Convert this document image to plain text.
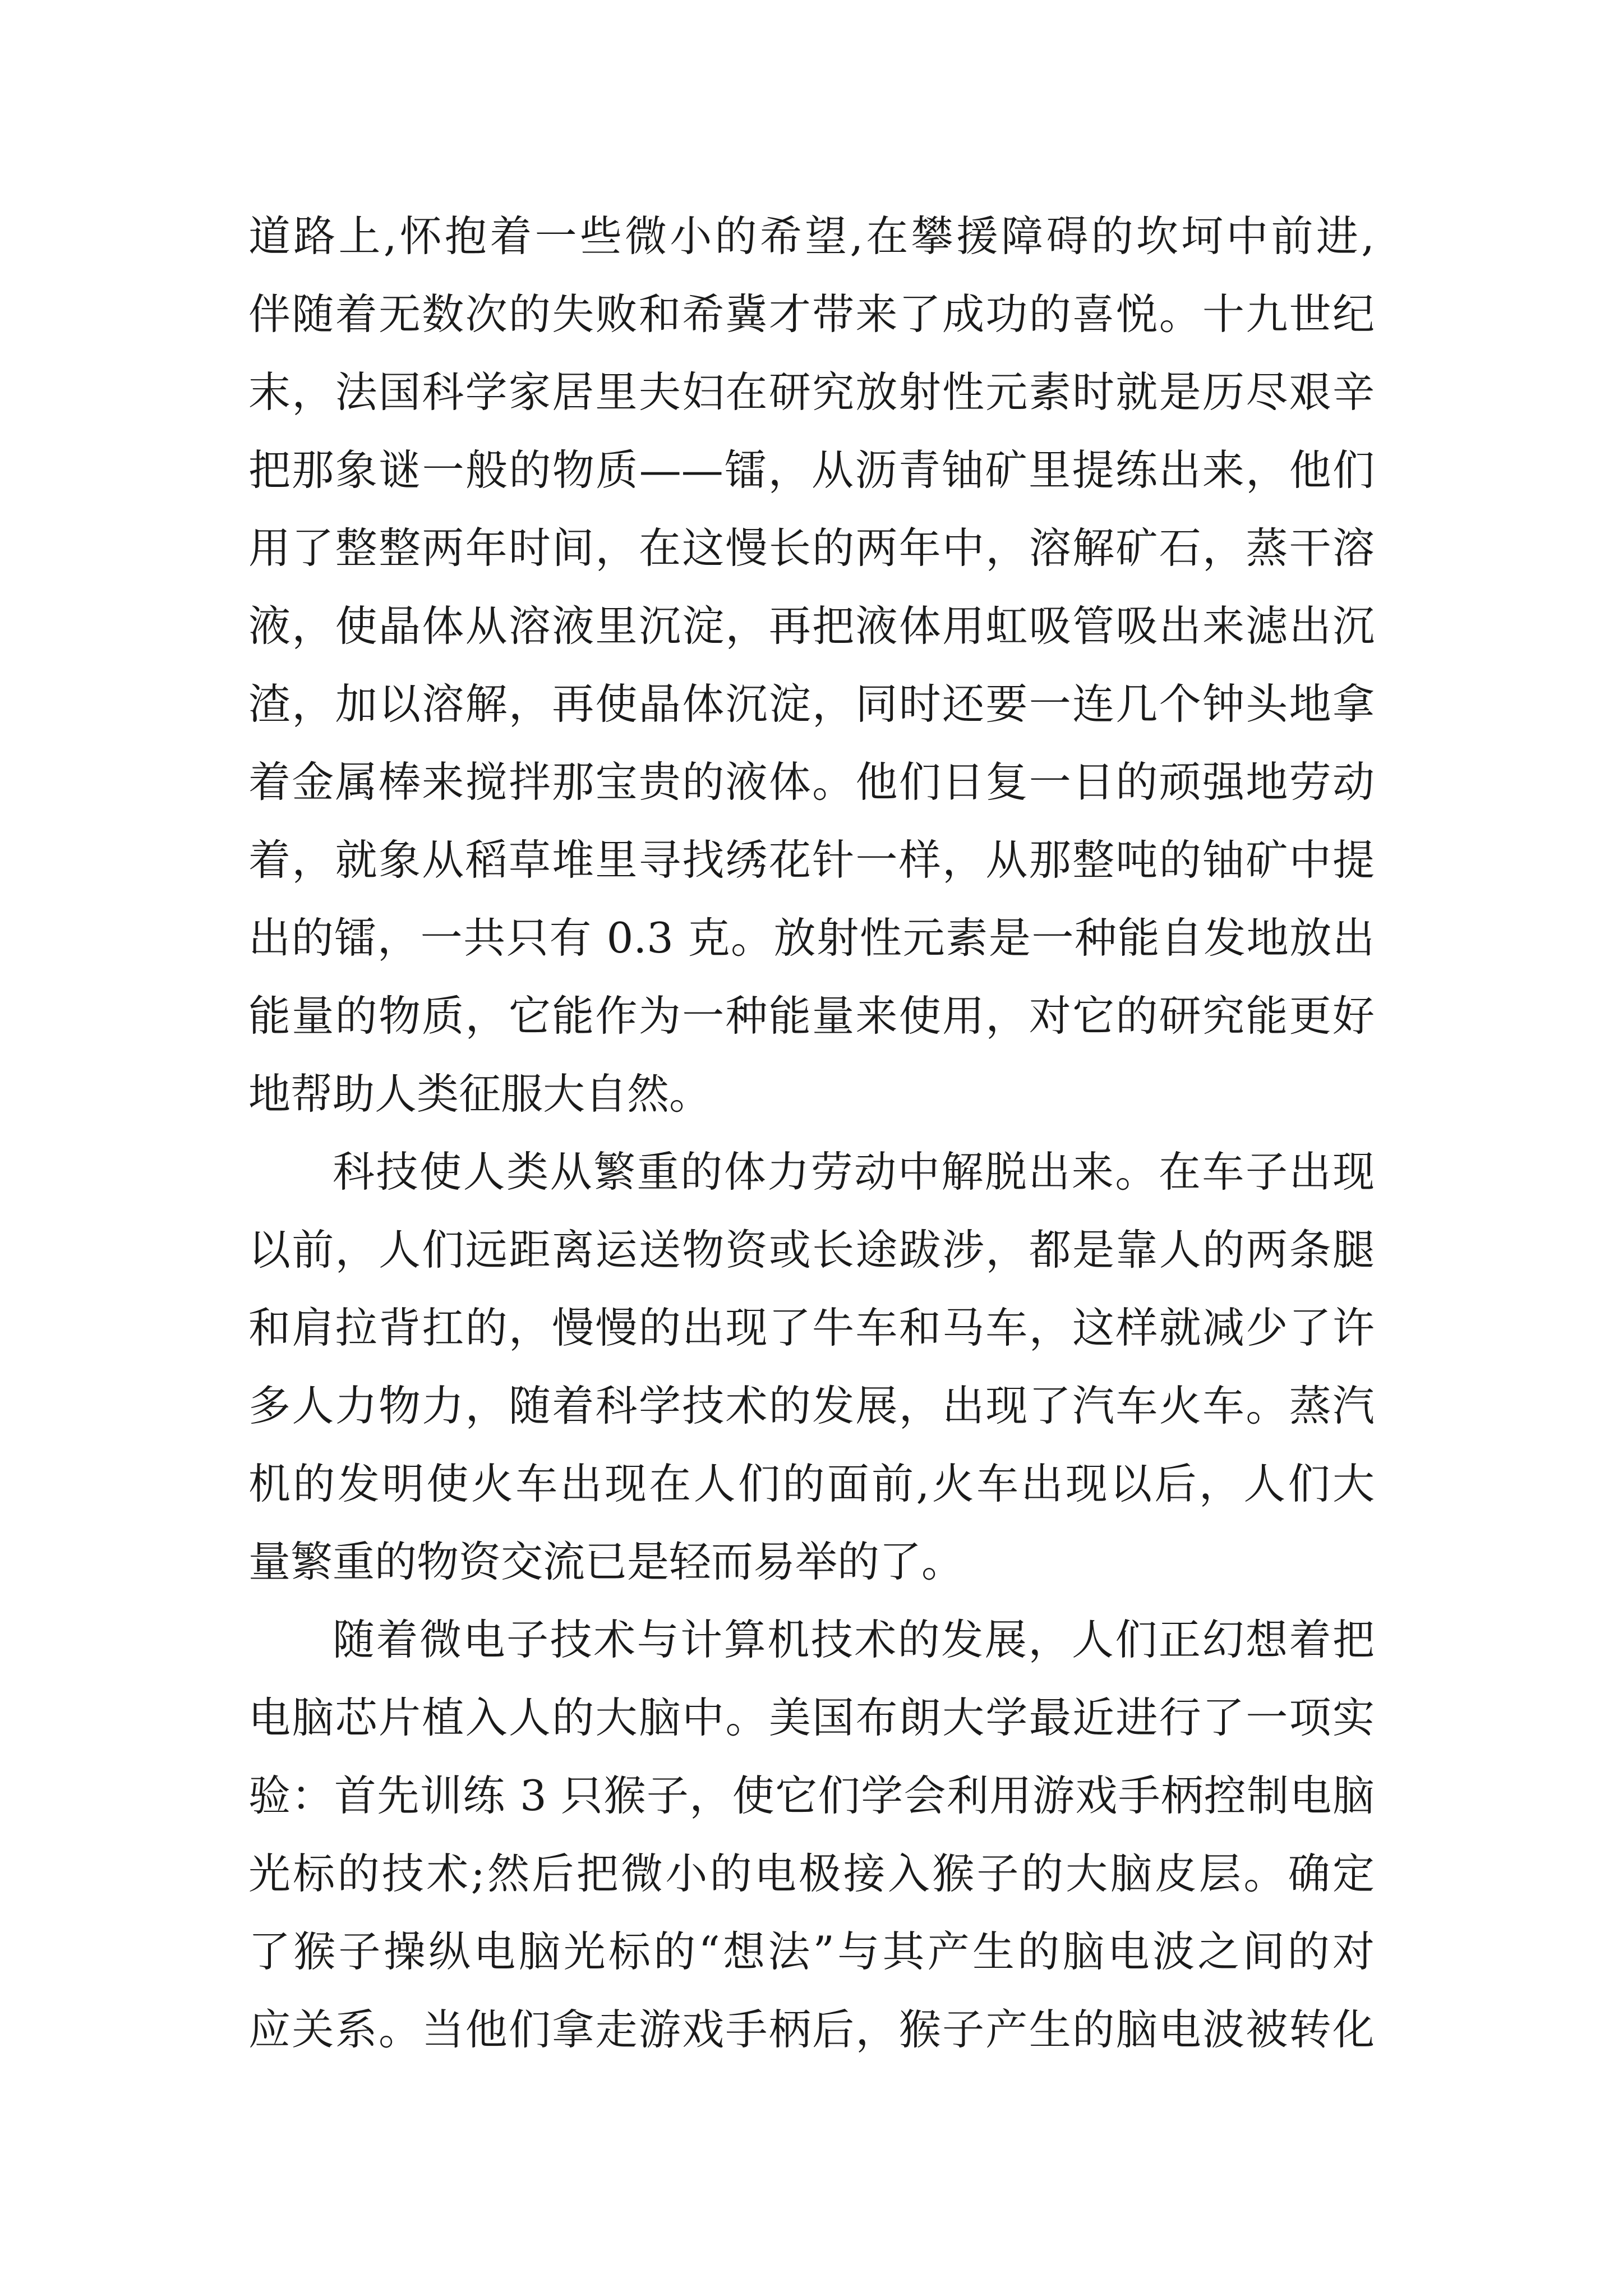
道路上,怀抱着一些微小的希望,在攀援障碍的坎坷中前进,
伴随着无数次的失败和希冀才带来了成功的喜悦。十九世纪
末，法国科学家居里夫妇在研究放射性元素时就是历尽艰辛
把那象谜一般的物质——镭，从沥青铀矿里提练出来，他们
用了整整两年时间，在这慢长的两年中，溶解矿石，蒸干溶
液，使晶体从溶液里沉淀，再把液体用虹吸管吸出来滤出沉
渣，加以溶解，再使晶体沉淀，同时还要一连几个钟头地拿
着金属棒来搅拌那宝贵的液体。他们日复一日的顽强地劳动
着，就象从稻草堆里寻找绣花针一样，从那整吨的铀矿中提
出的镭，一共只有 0.3 克。放射性元素是一种能自发地放出
能量的物质，它能作为一种能量来使用，对它的研究能更好
地帮助人类征服大自然。
科技使人类从繁重的体力劳动中解脱出来。在车子出现
以前，人们远距离运送物资或长途跋涉，都是靠人的两条腿
和肩拉背扛的，慢慢的出现了牛车和马车，这样就减少了许
多人力物力，随着科学技术的发展，出现了汽车火车。蒸汽
机的发明使火车出现在人们的面前,火车出现以后，人们大
量繁重的物资交流已是轻而易举的了。
随着微电子技术与计算机技术的发展，人们正幻想着把
电脑芯片植入人的大脑中。美国布朗大学最近进行了一项实
验：首先训练 3 只猴子，使它们学会利用游戏手柄控制电脑
光标的技术;然后把微小的电极接入猴子的大脑皮层。确定
了猴子操纵电脑光标的“想法”与其产生的脑电波之间的对
应关系。当他们拿走游戏手柄后，猴子产生的脑电波被转化
